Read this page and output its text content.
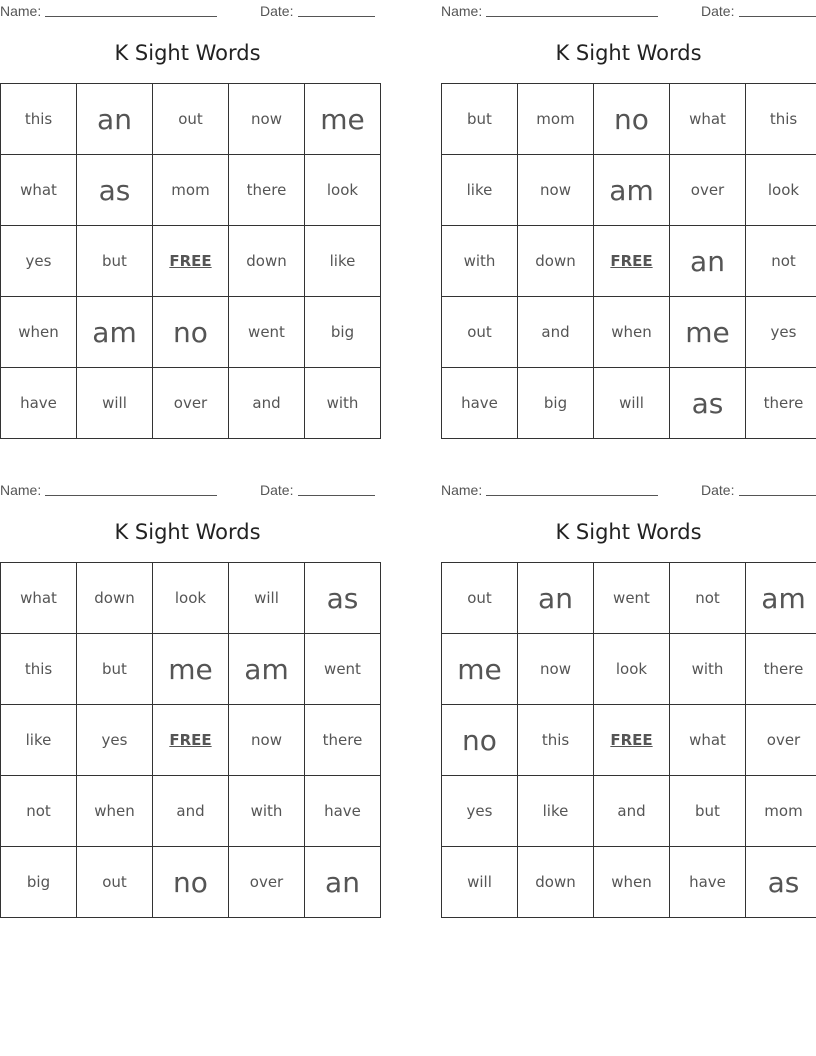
Name:	Date:
K Sight Words
this	an	out	now	me
what	as	mom	there	look
yes	but	FREE	down	like
when	am	no	went	big
have	will	over	and	with
Name:	Date:
K Sight Words
but	mom	no	what	this
like	now	am	over	look
with	down	FREE	an	not
out	and	when	me	yes
have	big	will	as	there
Name:	Date:
K Sight Words
what	down	look	will	as
this	but	me	am	went
like	yes	FREE	now	there
not	when	and	with	have
big	out	no	over	an
Name:	Date:
K Sight Words
out	an	went	not	am
me	now	look	with	there
no	this	FREE	what	over
yes	like	and	but	mom
will	down	when	have	as
